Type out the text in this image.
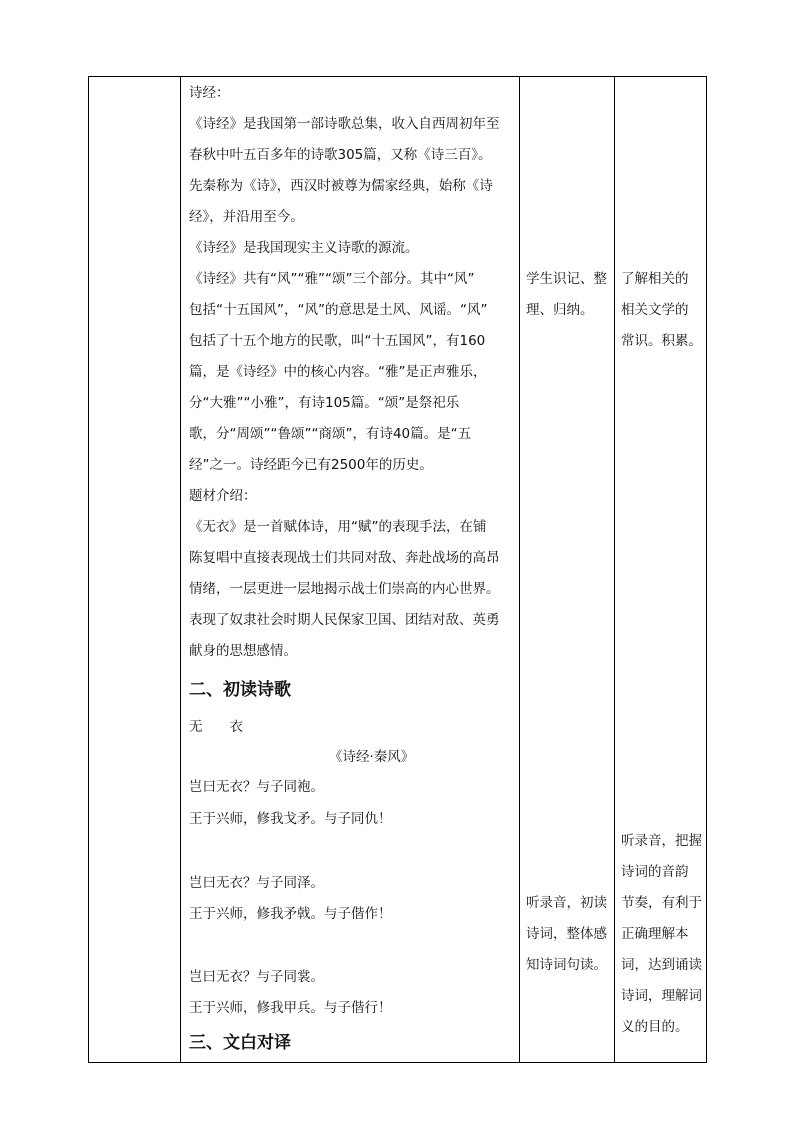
诗经：
《诗经》是我国第一部诗歌总集，收入自西周初年至
春秋中叶五百多年的诗歌305篇，又称《诗三百》。
先秦称为《诗》，西汉时被尊为儒家经典，始称《诗
经》，并沿用至今。
《诗经》是我国现实主义诗歌的源流。
《诗经》共有“风”“雅”“颂”三个部分。其中“风”
包括“十五国风”，“风”的意思是土风、风谣。“风”
包括了十五个地方的民歌，叫“十五国风”，有160
篇，是《诗经》中的核心内容。“雅”是正声雅乐，
分“大雅”“小雅”，有诗105篇。“颂”是祭祀乐
歌，分“周颂”“鲁颂”“商颂”，有诗40篇。是“五
经”之一。诗经距今已有2500年的历史。
题材介绍：
《无衣》是一首赋体诗，用“赋”的表现手法，在铺
陈复唱中直接表现战士们共同对敌、奔赴战场的高昂
情绪，一层更进一层地揭示战士们崇高的内心世界。
表现了奴隶社会时期人民保家卫国、团结对敌、英勇
献身的思想感情。
二、初读诗歌
无　　衣
《诗经·秦风》
岂曰无衣？与子同袍。
王于兴师，修我戈矛。与子同仇！
岂曰无衣？与子同泽。
王于兴师，修我矛戟。与子偕作！
岂曰无衣？与子同裳。
王于兴师，修我甲兵。与子偕行！
三、文白对译
学生识记、整
理、归纳。
听录音，初读
诗词，整体感
知诗词句读。
了解相关的
相关文学的
常识。积累。
听录音，把握
诗词的音韵
节奏，有利于
正确理解本
词，达到诵读
诗词，理解词
义的目的。
